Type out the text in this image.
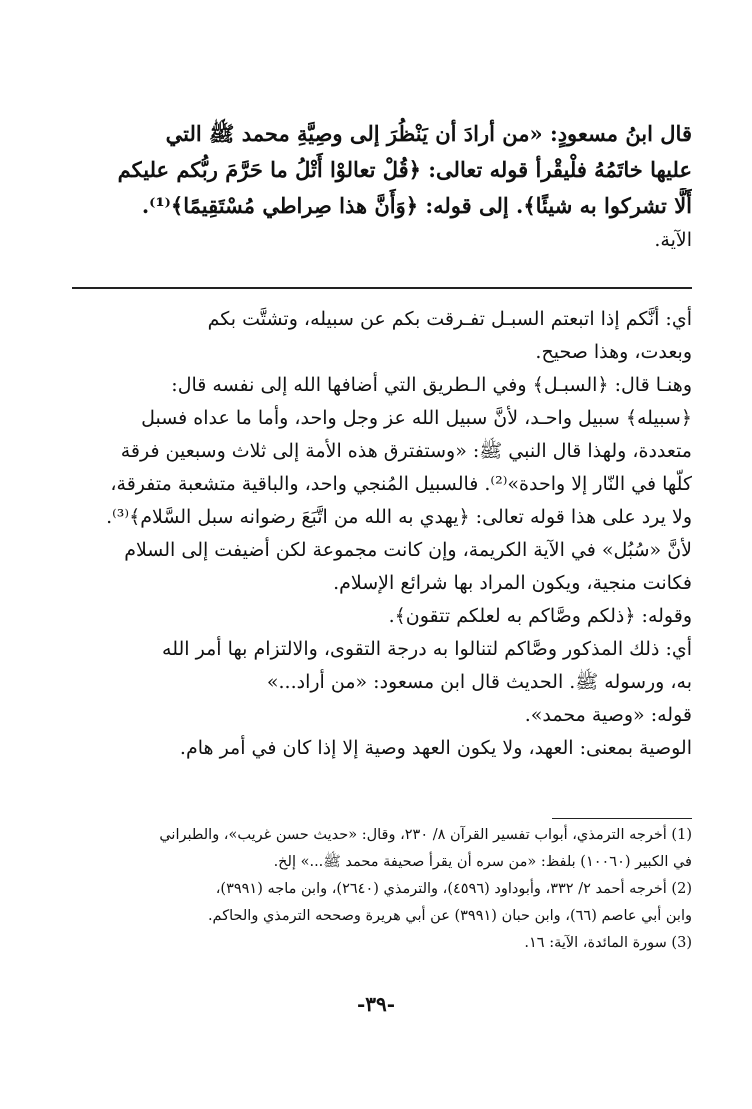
قال ابنُ مسعودٍ: «من أرادَ أن يَنْظُرَ إلى وصِيَّةِ محمد ﷺ التي
عليها خاتَمُهُ فلْيقْرأ قوله تعالى: ﴿قُلْ تعالوْا أَتْلُ ما حَرَّمَ ربُّكم عليكم
أَلَّا تشركوا به شيئًا﴾. إلى قوله: ﴿وَأَنَّ هذا صِراطي مُسْتَقِيمًا﴾⁽¹⁾.
الآية.
أي: أنَّكم إذا اتبعتم السبـل تفـرقت بكم عن سبيله، وتشتَّت بكم
وبعدت، وهذا صحيح.
وهنـا قال: ﴿السبـل﴾ وفي الـطريق التي أضافها الله إلى نفسه قال:
﴿سبيله﴾ سبيل واحـد، لأنَّ سبيل الله عز وجل واحد، وأما ما عداه فسبل
متعددة، ولهذا قال النبي ﷺ: «وستفترق هذه الأمة إلى ثلاث وسبعين فرقة
كلّها في النّار إلا واحدة»⁽²⁾. فالسبيل المُنجي واحد، والباقية متشعبة متفرقة،
ولا يرد على هذا قوله تعالى: ﴿يهدي به الله من اتَّبَعَ رضوانه سبل السَّلام﴾⁽³⁾.
لأنَّ «سُبُل» في الآية الكريمة، وإن كانت مجموعة لكن أضيفت إلى السلام
فكانت منجية، ويكون المراد بها شرائع الإسلام.
وقوله: ﴿ذلكم وصَّاكم به لعلكم تتقون﴾.
أي: ذلك المذكور وصَّاكم لتنالوا به درجة التقوى، والالتزام بها أمر الله
به، ورسوله ﷺ. الحديث قال ابن مسعود: «من أراد...»
قوله: «وصية محمد».
الوصية بمعنى: العهد، ولا يكون العهد وصية إلا إذا كان في أمر هام.
(1) أخرجه الترمذي، أبواب تفسير القرآن ٨/ ٢٣٠، وقال: «حديث حسن غريب»، والطبراني
في الكبير (١٠٠٦٠) بلفظ: «من سره أن يقرأ صحيفة محمد ﷺ...» إلخ.
(2) أخرجه أحمد ٢/ ٣٣٢، وأبوداود (٤٥٩٦)، والترمذي (٢٦٤٠)، وابن ماجه (٣٩٩١)،
وابن أبي عاصم (٦٦)، وابن حبان (٣٩٩١) عن أبي هريرة وصححه الترمذي والحاكم.
(3) سورة المائدة، الآية: ١٦.
-٣٩-
